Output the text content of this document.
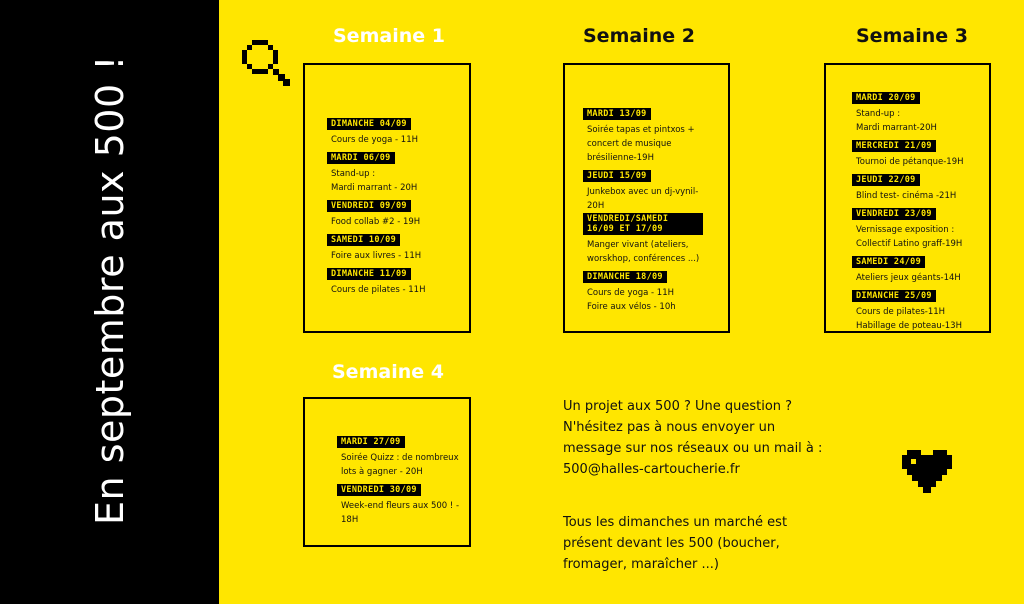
En septembre aux 500 !
Semaine 1	Semaine 2	Semaine 3
Semaine 4
DIMANCHE 04/09
Cours de yoga - 11H
MARDI 06/09
Stand-up :
Mardi marrant - 20H
VENDREDI 09/09
Food collab #2 - 19H
SAMEDI 10/09
Foire aux livres - 11H
DIMANCHE 11/09
Cours de pilates - 11H
MARDI 13/09
Soirée tapas et pintxos +
concert de musique
brésilienne-19H
JEUDI 15/09
Junkebox avec un dj-vynil-
20H
VENDREDI/SAMEDI 16/09 ET 17/09
Manger vivant (ateliers,
worskhop, conférences ...)
DIMANCHE 18/09
Cours de yoga - 11H
Foire aux vélos - 10h
MARDI 20/09
Stand-up :
Mardi marrant-20H
MERCREDI 21/09
Tournoi de pétanque-19H
JEUDI 22/09
Blind test- cinéma -21H
VENDREDI 23/09
Vernissage exposition :
Collectif Latino graff-19H
SAMEDI 24/09
Ateliers jeux géants-14H
DIMANCHE 25/09
Cours de pilates-11H
Habillage de poteau-13H
MARDI 27/09
Soirée Quizz : de nombreux
lots à gagner - 20H
VENDREDI 30/09
Week-end fleurs aux 500 ! -
18H
Un projet aux 500 ? Une question ?
N'hésitez pas à nous envoyer un
message sur nos réseaux ou un mail à :
500@halles-cartoucherie.fr
Tous les dimanches un marché est
présent devant les 500 (boucher,
fromager, maraîcher ...)
